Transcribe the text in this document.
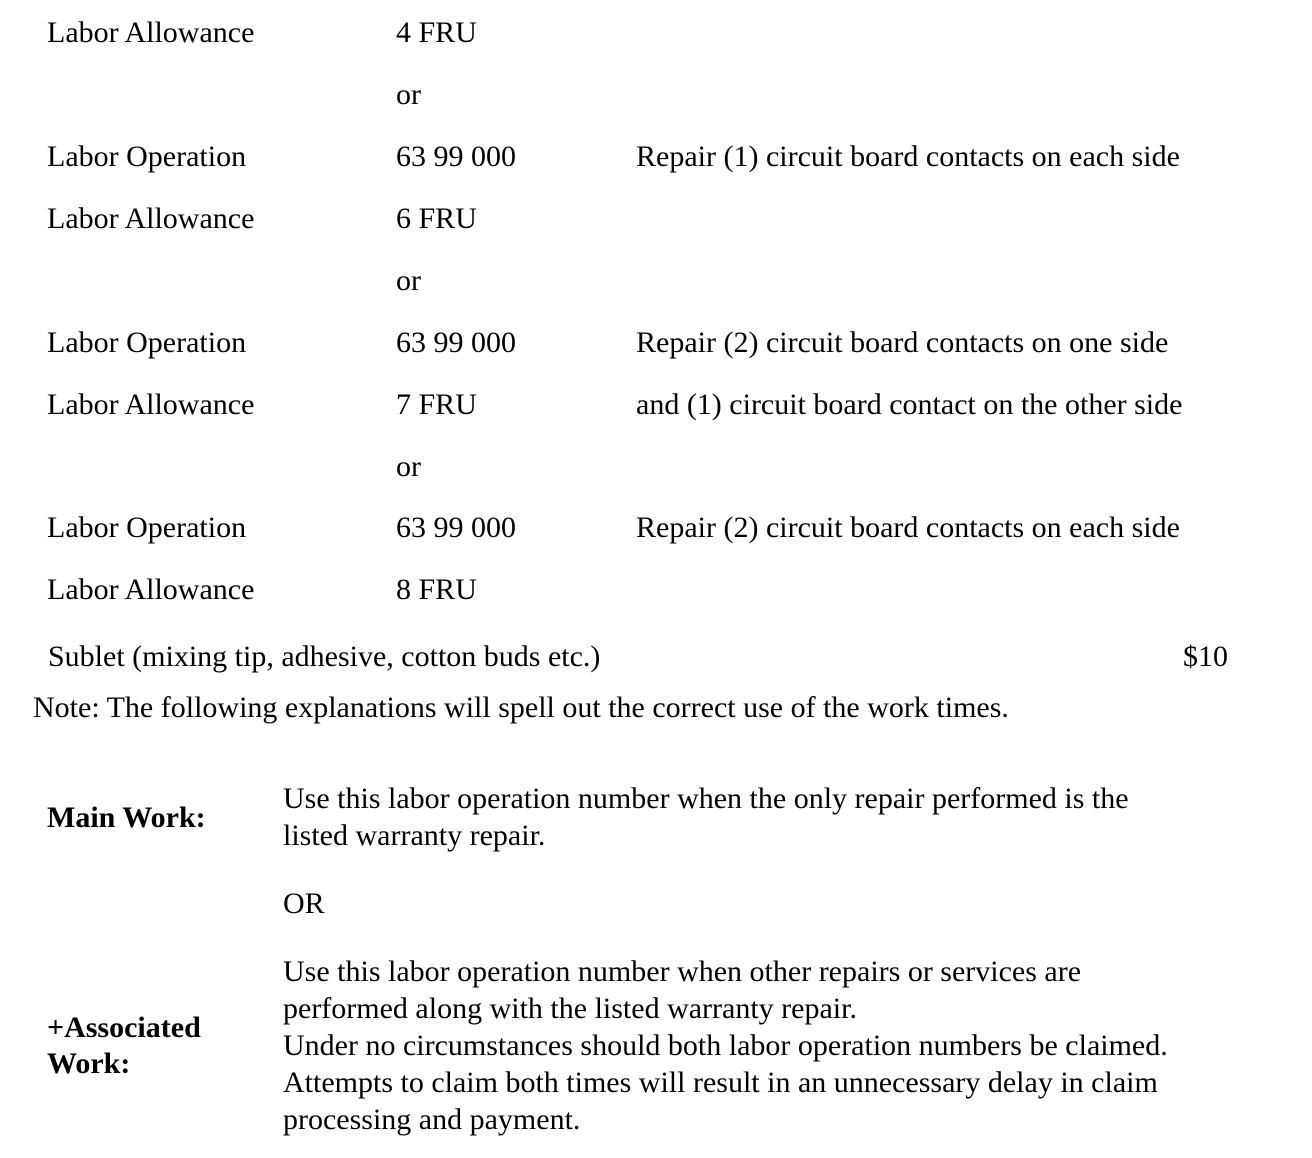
Labor Allowance	4 FRU
or
Labor Operation	63 99 000	Repair (1) circuit board contacts on each side
Labor Allowance	6 FRU
or
Labor Operation	63 99 000	Repair (2) circuit board contacts on one side
Labor Allowance	7 FRU	and (1) circuit board contact on the other side
or
Labor Operation	63 99 000	Repair (2) circuit board contacts on each side
Labor Allowance	8 FRU
Sublet (mixing tip, adhesive, cotton buds etc.)	$10
Note: The following explanations will spell out the correct use of the work times.
Main Work:
Use this labor operation number when the only repair performed is the
listed warranty repair.
OR
+Associated
Work:
Use this labor operation number when other repairs or services are
performed along with the listed warranty repair.
Under no circumstances should both labor operation numbers be claimed.
Attempts to claim both times will result in an unnecessary delay in claim
processing and payment.
